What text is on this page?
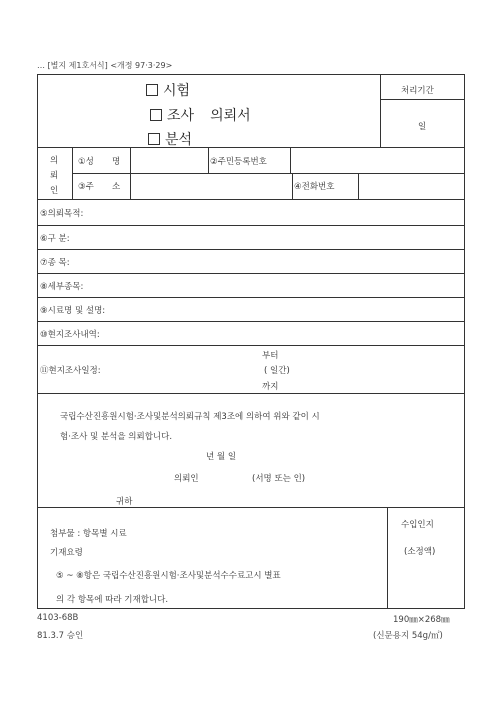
… [별지 제1호서식] <개정 97·3·29>
시험
조사 의뢰서
분석
처리기간
일
의
뢰
인
①성 명	②주민등록번호
③주 소	④전화번호
⑤의뢰목적:
⑥구 분:
⑦종 목:
⑧세부종목:
⑨시료명 및 설명:
⑩현지조사내역:
⑪현지조사일정:
부터
( 일간)
까지
국립수산진흥원시험·조사및분석의뢰규칙 제3조에 의하여 위와 같이 시
험·조사 및 분석을 의뢰합니다.
년 월 일
의뢰인	(서명 또는 인)
귀하
첨부물 : 항목별 시료
기재요령
⑤ ~ ⑧항은 국립수산진흥원시험·조사및분석수수료고시 별표
의 각 항목에 따라 기재합니다.
수입인지
(소정액)
4103-68B
81.3.7 승인
190㎜×268㎜
(신문용지 54g/㎡)
